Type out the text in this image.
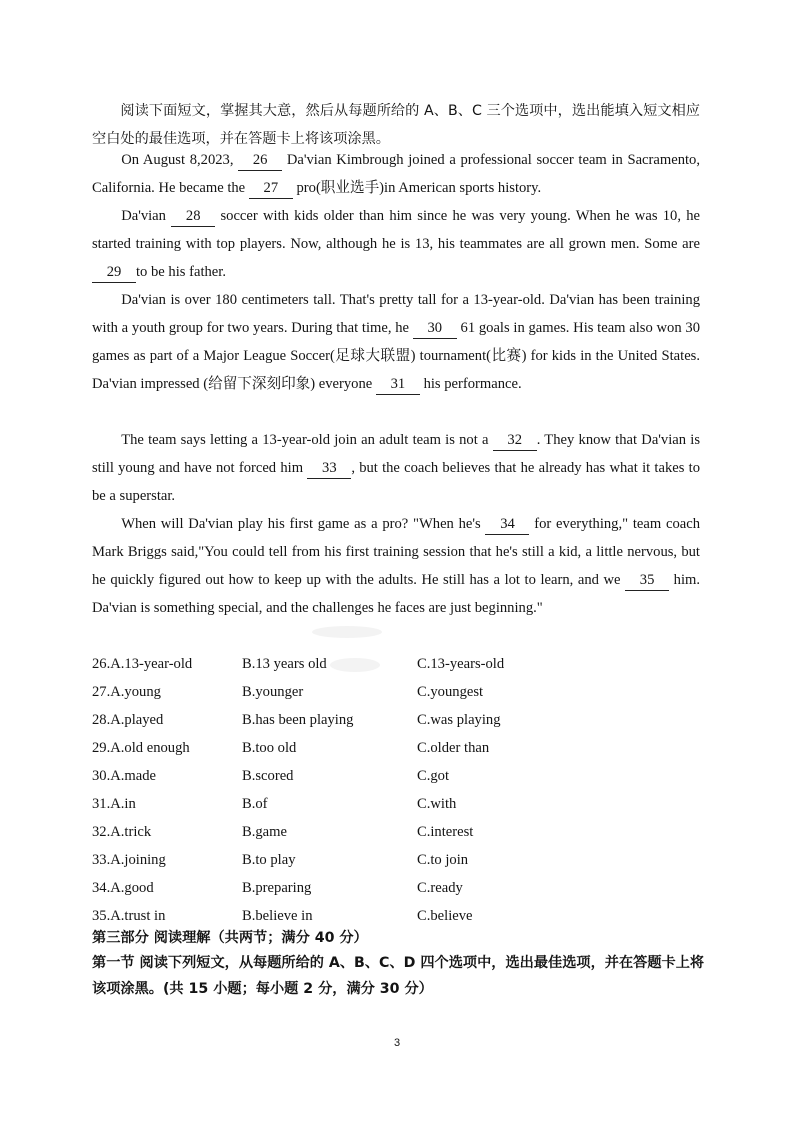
阅读下面短文，掌握其大意，然后从每题所给的 A、B、C 三个选项中，选出能填入短文相应空白处的最佳选项，并在答题卡上将该项涂黑。

On August 8,2023, 26 Da'vian Kimbrough joined a professional soccer team in Sacramento, California. He became the 27 pro(职业选手)in American sports history.

Da'vian 28 soccer with kids older than him since he was very young. When he was 10, he started training with top players. Now, although he is 13, his teammates are all grown men. Some are 29 to be his father.

Da'vian is over 180 centimeters tall. That's pretty tall for a 13-year-old. Da'vian has been training with a youth group for two years. During that time, he 30 61 goals in games. His team also won 30 games as part of a Major League Soccer(足球大联盟) tournament(比赛) for kids in the United States. Da'vian impressed (给留下深刻印象) everyone 31 his performance.

The team says letting a 13-year-old join an adult team is not a 32 . They know that Da'vian is still young and have not forced him 33 , but the coach believes that he already has what it takes to be a superstar.

When will Da'vian play his first game as a pro? "When he's 34 for everything," team coach Mark Briggs said,"You could tell from his first training session that he's still a kid, a little nervous, but he quickly figured out how to keep up with the adults. He still has a lot to learn, and we 35 him. Da'vian is something special, and the challenges he faces are just beginning."

26.A.13-year-old	B.13 years old	C.13-years-old
27.A.young	B.younger	C.youngest
28.A.played	B.has been playing	C.was playing
29.A.old enough	B.too old	C.older than
30.A.made	B.scored	C.got
31.A.in	B.of	C.with
32.A.trick	B.game	C.interest
33.A.joining	B.to play	C.to join
34.A.good	B.preparing	C.ready
35.A.trust in	B.believe in	C.believe

第三部分 阅读理解（共两节；满分 40 分）

第一节 阅读下列短文，从每题所给的 A、B、C、D 四个选项中，选出最佳选项，并在答题卡上将该项涂黑。(共 15 小题；每小题 2 分，满分 30 分）

3
